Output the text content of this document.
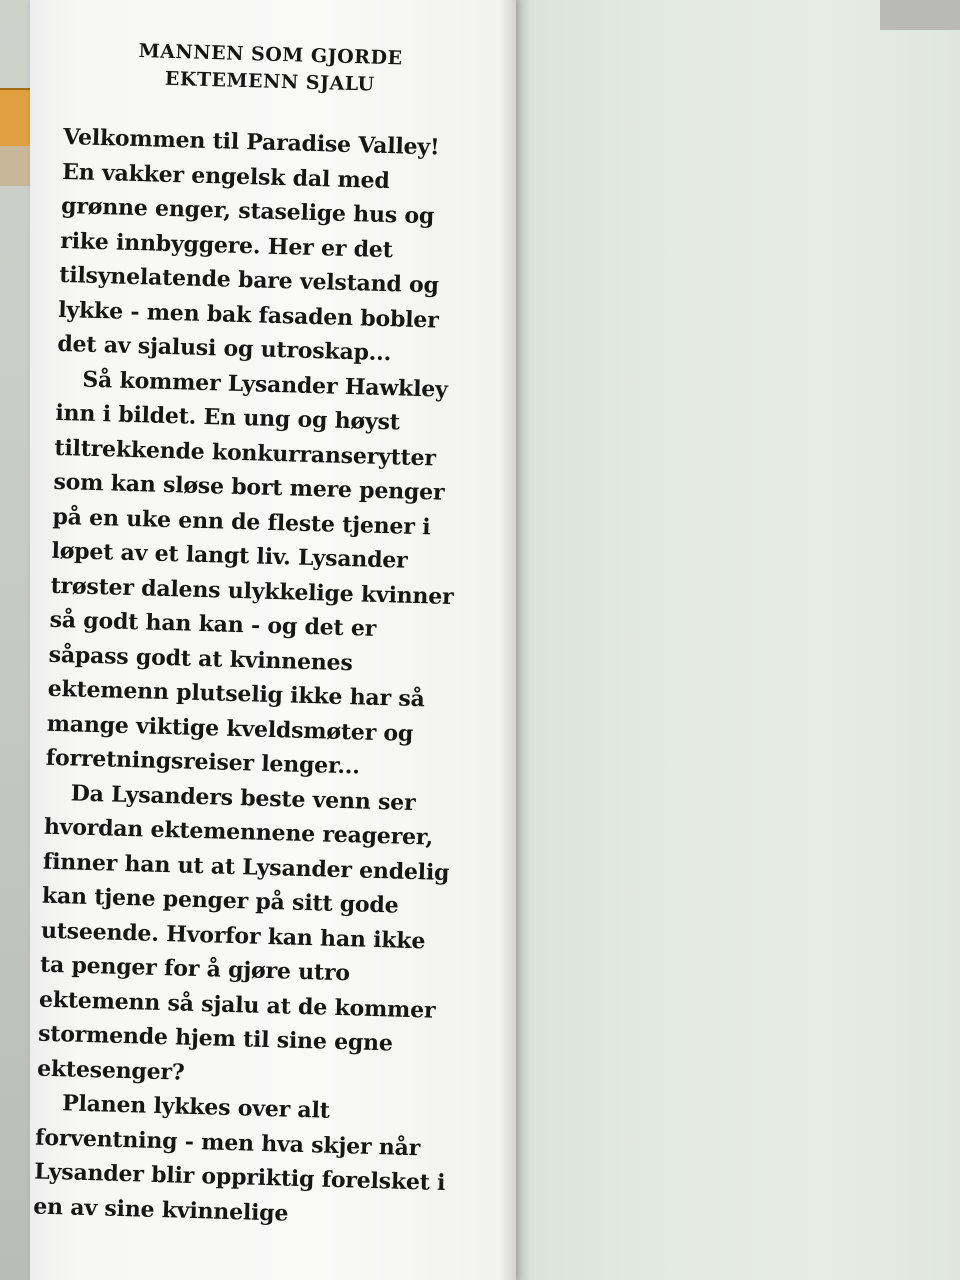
MANNEN SOM GJORDE
EKTEMENN SJALU
Velkommen til Paradise Valley!
En vakker engelsk dal med
grønne enger, staselige hus og
rike innbyggere. Her er det
tilsynelatende bare velstand og
lykke - men bak fasaden bobler
det av sjalusi og utroskap...
Så kommer Lysander Hawkley
inn i bildet. En ung og høyst
tiltrekkende konkurranserytter
som kan sløse bort mere penger
på en uke enn de fleste tjener i
løpet av et langt liv. Lysander
trøster dalens ulykkelige kvinner
så godt han kan - og det er
såpass godt at kvinnenes
ektemenn plutselig ikke har så
mange viktige kveldsmøter og
forretningsreiser lenger...
Da Lysanders beste venn ser
hvordan ektemennene reagerer,
finner han ut at Lysander endelig
kan tjene penger på sitt gode
utseende. Hvorfor kan han ikke
ta penger for å gjøre utro
ektemenn så sjalu at de kommer
stormende hjem til sine egne
ektesenger?
Planen lykkes over alt
forventning - men hva skjer når
Lysander blir oppriktig forelsket i
en av sine kvinnelige
